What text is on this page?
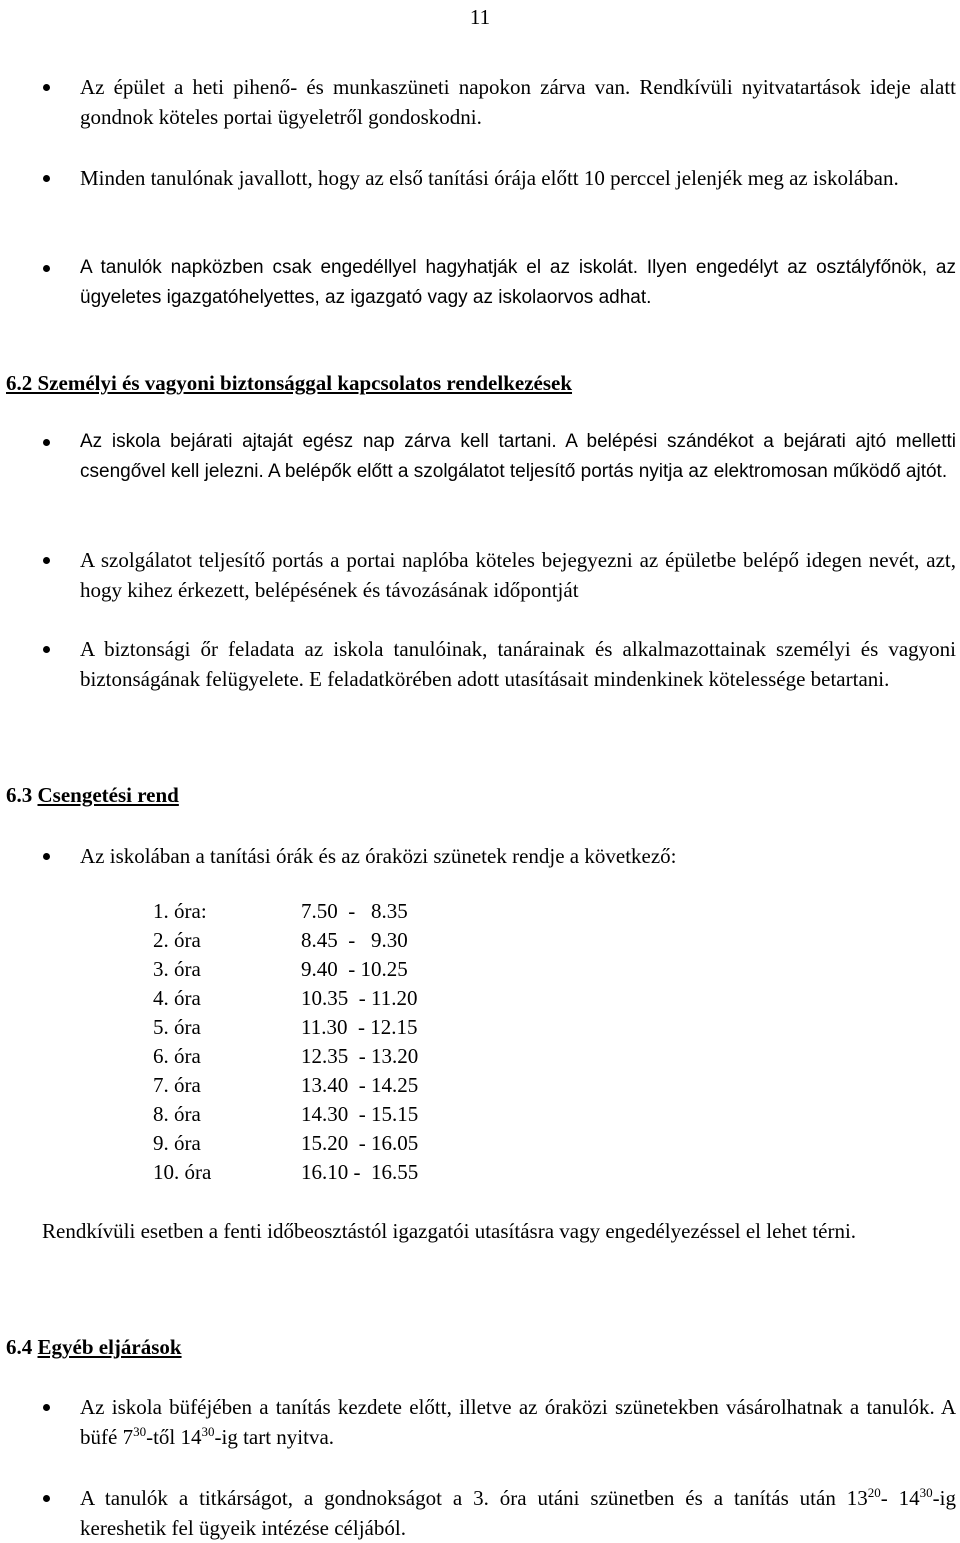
11
Az épület a heti pihenő- és munkaszüneti napokon zárva van. Rendkívüli nyitvatartások ideje alatt gondnok köteles portai ügyeletről gondoskodni.
Minden tanulónak javallott, hogy az első tanítási órája előtt 10 perccel jelenjék meg az iskolában.
A tanulók napközben csak engedéllyel hagyhatják el az iskolát. Ilyen engedélyt az osztályfőnök, az ügyeletes igazgatóhelyettes, az igazgató vagy az iskolaorvos adhat.
6.2 Személyi és vagyoni biztonsággal kapcsolatos rendelkezések
Az iskola bejárati ajtaját egész nap zárva kell tartani. A belépési szándékot a bejárati ajtó melletti csengővel kell jelezni. A belépők előtt a szolgálatot teljesítő portás nyitja az elektromosan működő ajtót.
A szolgálatot teljesítő portás a portai naplóba köteles bejegyezni az épületbe belépő idegen nevét, azt, hogy kihez érkezett, belépésének és távozásának időpontját
A biztonsági őr feladata az iskola tanulóinak, tanárainak és alkalmazottainak személyi és vagyoni biztonságának felügyelete. E feladatkörében adott utasításait mindenkinek kötelessége betartani.
6.3 Csengetési rend
Az iskolában a tanítási órák és az óraközi szünetek rendje a következő:
1. óra:	7.50  -   8.35
2. óra	8.45  -   9.30
3. óra	9.40  - 10.25
4. óra	10.35  - 11.20
5. óra	11.30  - 12.15
6. óra	12.35  - 13.20
7. óra	13.40  - 14.25
8. óra	14.30  - 15.15
9. óra	15.20  - 16.05
10. óra	16.10 -  16.55
Rendkívüli esetben a fenti időbeosztástól igazgatói utasításra vagy engedélyezéssel el lehet térni.
6.4 Egyéb eljárások
Az iskola büféjében a tanítás kezdete előtt, illetve az óraközi szünetekben vásárolhatnak a tanulók. A büfé $7^{30}$-től $14^{30}-ig$ tart nyitva.
A tanulók a titkárságot, a gondnokságot a 3. óra utáni szünetben és a tanítás után $13^{20}-$ $14^{30}-ig$ kereshetik fel ügyeik intézése céljából.
